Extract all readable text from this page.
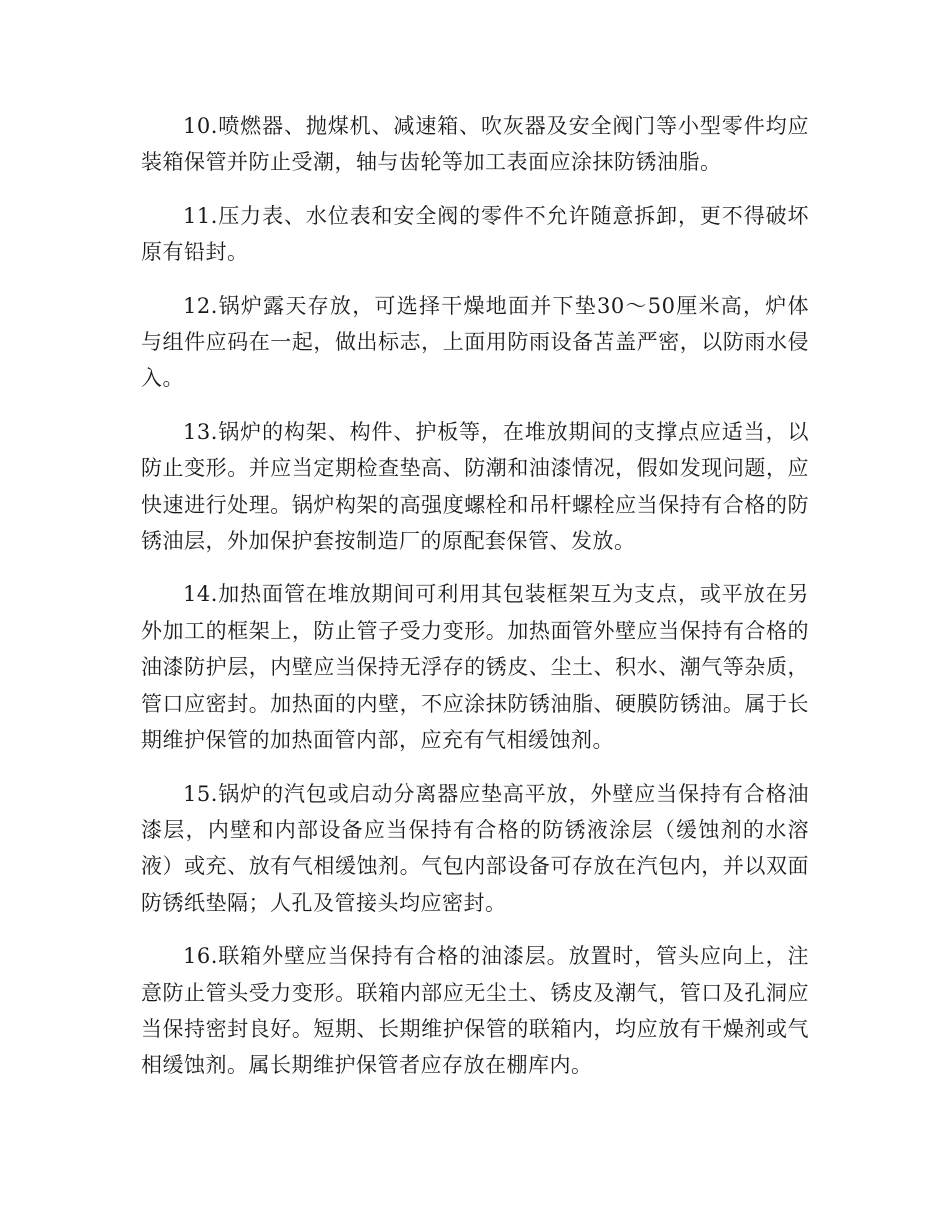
10.喷燃器、抛煤机、减速箱、吹灰器及安全阀门等小型零件均应装箱保管并防止受潮，轴与齿轮等加工表面应涂抹防锈油脂。

11.压力表、水位表和安全阀的零件不允许随意拆卸，更不得破坏原有铅封。

12.锅炉露天存放，可选择干燥地面并下垫30～50厘米高，炉体与组件应码在一起，做出标志，上面用防雨设备苫盖严密，以防雨水侵入。

13.锅炉的构架、构件、护板等，在堆放期间的支撑点应适当，以防止变形。并应当定期检查垫高、防潮和油漆情况，假如发现问题，应快速进行处理。锅炉构架的高强度螺栓和吊杆螺栓应当保持有合格的防锈油层，外加保护套按制造厂的原配套保管、发放。

14.加热面管在堆放期间可利用其包装框架互为支点，或平放在另外加工的框架上，防止管子受力变形。加热面管外壁应当保持有合格的油漆防护层，内壁应当保持无浮存的锈皮、尘土、积水、潮气等杂质，管口应密封。加热面的内壁，不应涂抹防锈油脂、硬膜防锈油。属于长期维护保管的加热面管内部，应充有气相缓蚀剂。

15.锅炉的汽包或启动分离器应垫高平放，外壁应当保持有合格油漆层，内壁和内部设备应当保持有合格的防锈液涂层（缓蚀剂的水溶液）或充、放有气相缓蚀剂。气包内部设备可存放在汽包内，并以双面防锈纸垫隔；人孔及管接头均应密封。

16.联箱外壁应当保持有合格的油漆层。放置时，管头应向上，注意防止管头受力变形。联箱内部应无尘土、锈皮及潮气，管口及孔洞应当保持密封良好。短期、长期维护保管的联箱内，均应放有干燥剂或气相缓蚀剂。属长期维护保管者应存放在棚库内。
